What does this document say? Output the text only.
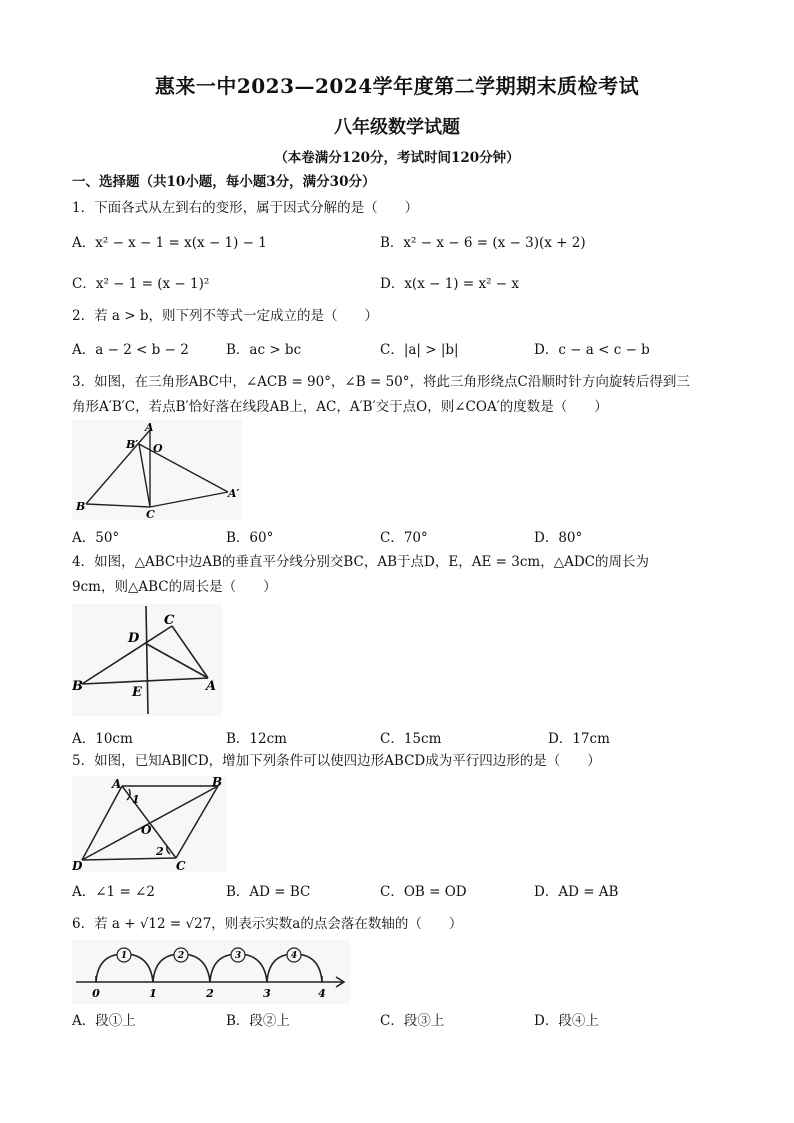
惠来一中2023—2024学年度第二学期期末质检考试
八年级数学试题
（本卷满分120分，考试时间120分钟）
一、选择题（共10小题，每小题3分，满分30分）
1．下面各式从左到右的变形，属于因式分解的是（　　）
A．x² − x − 1 = x(x − 1) − 1	B．x² − x − 6 = (x − 3)(x + 2)
C．x² − 1 = (x − 1)²	D．x(x − 1) = x² − x
2．若 a > b，则下列不等式一定成立的是（　　）
A．a − 2 < b − 2	B．ac > bc	C．|a| > |b|	D．c − a < c − b
3．如图，在三角形ABC中，∠ACB = 90°，∠B = 50°，将此三角形绕点C沿顺时针方向旋转后得到三
角形A′B′C，若点B′恰好落在线段AB上，AC，A′B′交于点O，则∠COA′的度数是（　　）
A
B
C
B′ O
A′
A．50°	B．60°	C．70°	D．80°
4．如图，△ABC中边AB的垂直平分线分别交BC，AB于点D，E，AE = 3cm，△ADC的周长为
9cm，则△ABC的周长是（　　）
C
D
B	E	A
A．10cm	B．12cm	C．15cm	D．17cm
5．如图，已知AB∥CD，增加下列条件可以使四边形ABCD成为平行四边形的是（　　）
A	B
D	C
O
1
2
A．∠1 = ∠2	B．AD = BC	C．OB = OD	D．AD = AB
6．若 a + √12 = √27，则表示实数a的点会落在数轴的（　　）
1	2	3	4
0	1	2	3	4
A．段①上	B．段②上	C．段③上	D．段④上
